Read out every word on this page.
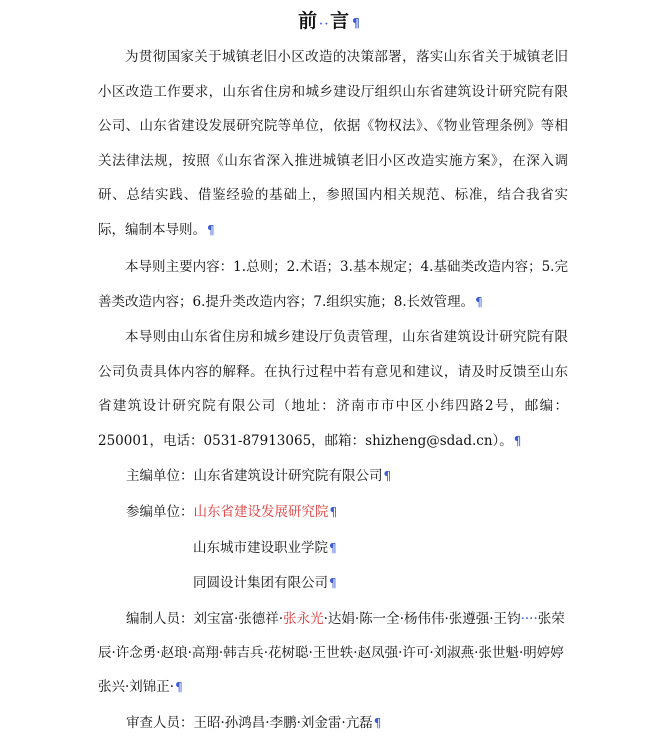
前··言¶

为贯彻国家关于城镇老旧小区改造的决策部署，落实山东省关于城镇老旧小区改造工作要求，山东省住房和城乡建设厅组织山东省建筑设计研究院有限公司、山东省建设发展研究院等单位，依据《物权法》、《物业管理条例》等相关法律法规，按照《山东省深入推进城镇老旧小区改造实施方案》，在深入调研、总结实践、借鉴经验的基础上，参照国内相关规范、标准，结合我省实际，编制本导则。¶

本导则主要内容：1.总则；2.术语；3.基本规定；4.基础类改造内容；5.完善类改造内容；6.提升类改造内容；7.组织实施；8.长效管理。¶

本导则由山东省住房和城乡建设厅负责管理，山东省建筑设计研究院有限公司负责具体内容的解释。在执行过程中若有意见和建议，请及时反馈至山东省建筑设计研究院有限公司（地址：济南市市中区小纬四路2号，邮编：250001，电话：0531-87913065，邮箱：shizheng@sdad.cn）。¶

主编单位：山东省建筑设计研究院有限公司¶
参编单位：山东省建设发展研究院¶
山东城市建设职业学院¶
同圆设计集团有限公司¶
编制人员：刘宝富·张德祥·张永光·达娟·陈一全·杨伟伟·张遵强·王钧····张荣
辰·许念勇·赵琅·高翔·韩吉兵·花树聪·王世轶·赵凤强·许可·刘淑燕·张世魁·明婷婷
张兴·刘锦正·¶
审查人员：王昭·孙鸿昌·李鹏·刘金雷·亢磊¶
